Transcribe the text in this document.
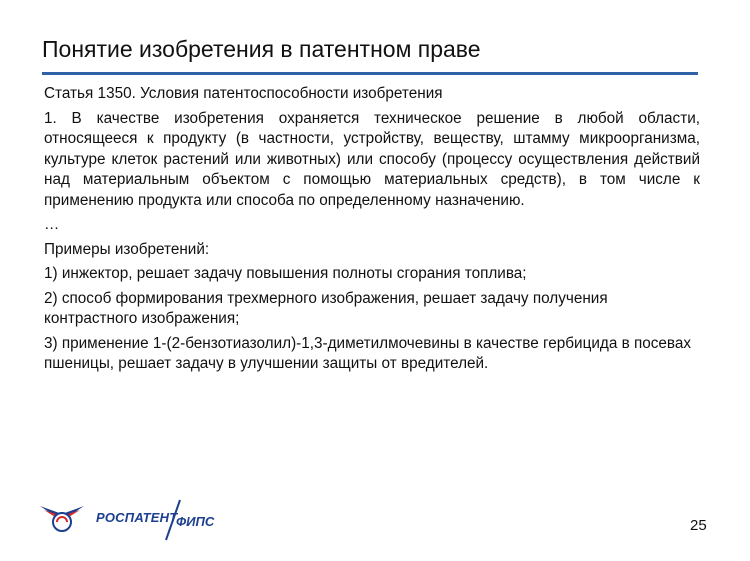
Понятие изобретения в патентном праве

Статья 1350. Условия патентоспособности изобретения

1. В качестве изобретения охраняется техническое решение в любой области, относящееся к продукту (в частности, устройству, веществу, штамму микроорганизма, культуре клеток растений или животных) или способу (процессу осуществления действий над материальным объектом с помощью материальных средств), в том числе к применению продукта или способа по определенному назначению.

…

Примеры изобретений:

1) инжектор, решает задачу повышения полноты сгорания топлива;

2) способ формирования трехмерного изображения, решает задачу получения контрастного изображения;

3) применение 1-(2-бензотиазолил)-1,3-диметилмочевины в качестве гербицида в посевах пшеницы, решает задачу в улучшении защиты от вредителей.

РОСПАТЕНТ
ФИПС	25
